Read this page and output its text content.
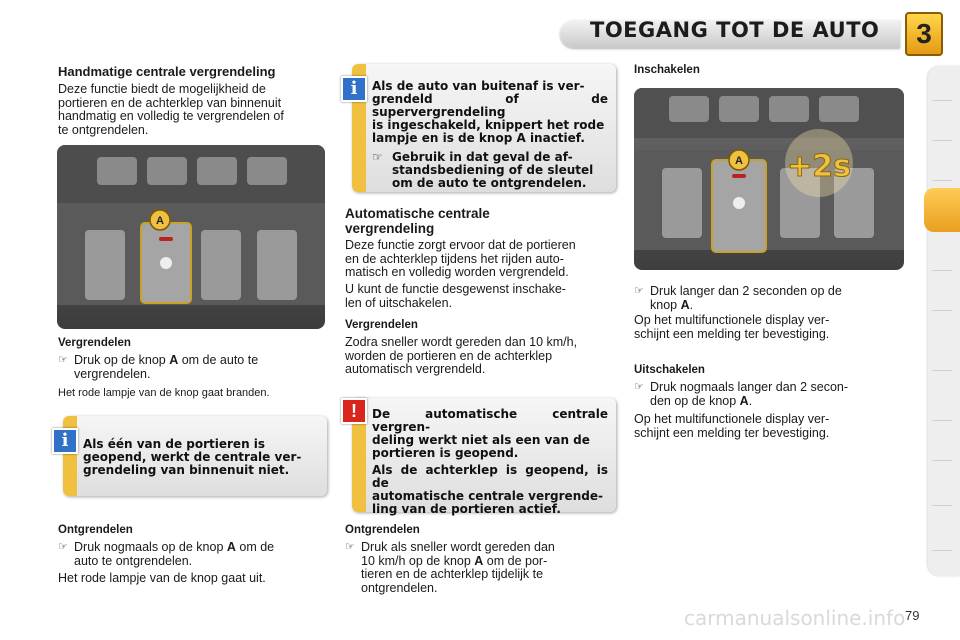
TOEGANG TOT DE AUTO	3
Handmatige centrale vergrendeling
Deze functie biedt de mogelijkheid de
portieren en de achterklep van binnenuit
handmatig en volledig te vergrendelen of
te ontgrendelen.
A
Vergrendelen
☞ Druk op de knop A om de auto te
vergrendelen.
Het rode lampje van de knop gaat branden.
Als één van de portieren is
geopend, werkt de centrale ver-
grendeling van binnenuit niet.
i
Ontgrendelen
☞ Druk nogmaals op de knop A om de
auto te ontgrendelen.
Het rode lampje van de knop gaat uit.
Als de auto van buitenaf is ver-
grendeld of de supervergrendeling
is ingeschakeld, knippert het rode
lampje en is de knop A inactief.
☞ Gebruik in dat geval de af-
standsbediening of de sleutel
om de auto te ontgrendelen.
i
Automatische centrale
vergrendeling
Deze functie zorgt ervoor dat de portieren
en de achterklep tijdens het rijden auto-
matisch en volledig worden vergrendeld.
U kunt de functie desgewenst inschake-
len of uitschakelen.
Vergrendelen
Zodra sneller wordt gereden dan 10 km/h,
worden de portieren en de achterklep
automatisch vergrendeld.
De automatische centrale vergren-
deling werkt niet als een van de
portieren is geopend.
Als de achterklep is geopend, is de
automatische centrale vergrende-
ling van de portieren actief.
!
Ontgrendelen
☞ Druk als sneller wordt gereden dan
10 km/h op de knop A om de por-
tieren en de achterklep tijdelijk te
ontgrendelen.
Inschakelen
A +2s
☞ Druk langer dan 2 seconden op de
knop A.
Op het multifunctionele display ver-
schijnt een melding ter bevestiging.
Uitschakelen
☞ Druk nogmaals langer dan 2 secon-
den op de knop A.
Op het multifunctionele display ver-
schijnt een melding ter bevestiging.
carmanualsonline.info 79
